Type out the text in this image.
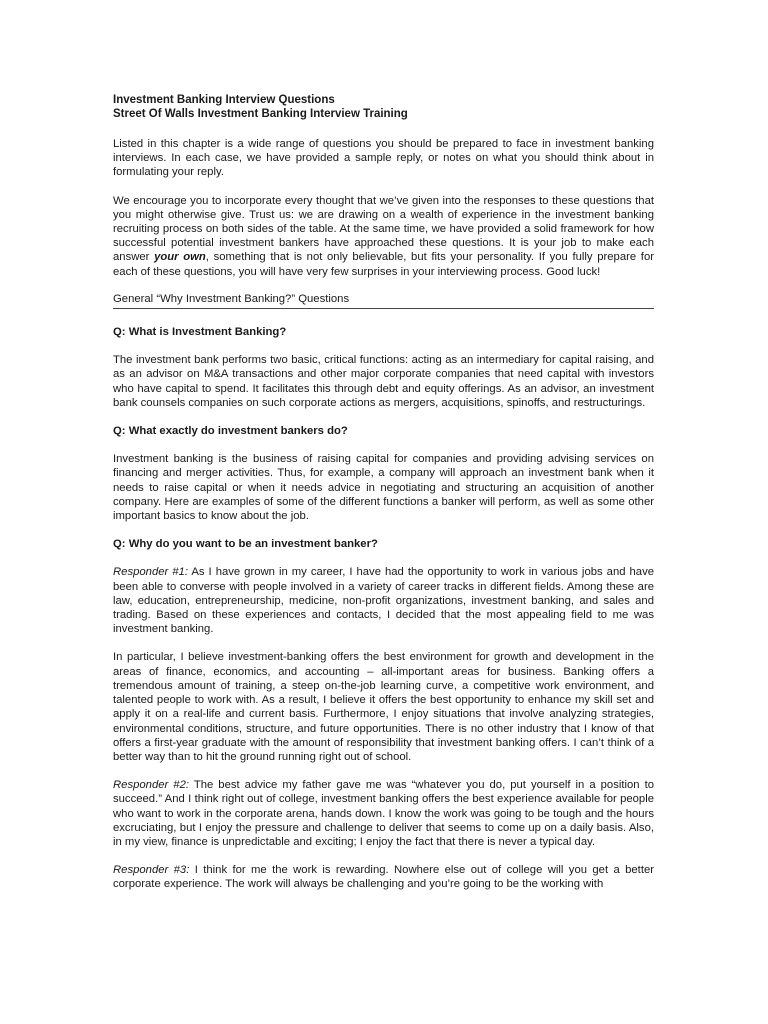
Investment Banking Interview Questions
Street Of Walls Investment Banking Interview Training

Listed in this chapter is a wide range of questions you should be prepared to face in investment banking interviews. In each case, we have provided a sample reply, or notes on what you should think about in formulating your reply.

We encourage you to incorporate every thought that we’ve given into the responses to these questions that you might otherwise give. Trust us: we are drawing on a wealth of experience in the investment banking recruiting process on both sides of the table. At the same time, we have provided a solid framework for how successful potential investment bankers have approached these questions. It is your job to make each answer your own, something that is not only believable, but fits your personality. If you fully prepare for each of these questions, you will have very few surprises in your interviewing process. Good luck!

General “Why Investment Banking?” Questions
Q: What is Investment Banking?

The investment bank performs two basic, critical functions: acting as an intermediary for capital raising, and as an advisor on M&A transactions and other major corporate companies that need capital with investors who have capital to spend. It facilitates this through debt and equity offerings. As an advisor, an investment bank counsels companies on such corporate actions as mergers, acquisitions, spinoffs, and restructurings.

Q: What exactly do investment bankers do?

Investment banking is the business of raising capital for companies and providing advising services on financing and merger activities. Thus, for example, a company will approach an investment bank when it needs to raise capital or when it needs advice in negotiating and structuring an acquisition of another company. Here are examples of some of the different functions a banker will perform, as well as some other important basics to know about the job.

Q: Why do you want to be an investment banker?

Responder #1: As I have grown in my career, I have had the opportunity to work in various jobs and have been able to converse with people involved in a variety of career tracks in different fields. Among these are law, education, entrepreneurship, medicine, non-profit organizations, investment banking, and sales and trading. Based on these experiences and contacts, I decided that the most appealing field to me was investment banking.

In particular, I believe investment-banking offers the best environment for growth and development in the areas of finance, economics, and accounting – all-important areas for business. Banking offers a tremendous amount of training, a steep on-the-job learning curve, a competitive work environment, and talented people to work with. As a result, I believe it offers the best opportunity to enhance my skill set and apply it on a real-life and current basis. Furthermore, I enjoy situations that involve analyzing strategies, environmental conditions, structure, and future opportunities. There is no other industry that I know of that offers a first-year graduate with the amount of responsibility that investment banking offers. I can’t think of a better way than to hit the ground running right out of school.

Responder #2: The best advice my father gave me was “whatever you do, put yourself in a position to succeed.” And I think right out of college, investment banking offers the best experience available for people who want to work in the corporate arena, hands down. I know the work was going to be tough and the hours excruciating, but I enjoy the pressure and challenge to deliver that seems to come up on a daily basis. Also, in my view, finance is unpredictable and exciting; I enjoy the fact that there is never a typical day.

Responder #3: I think for me the work is rewarding. Nowhere else out of college will you get a better corporate experience. The work will always be challenging and you’re going to be the working with
